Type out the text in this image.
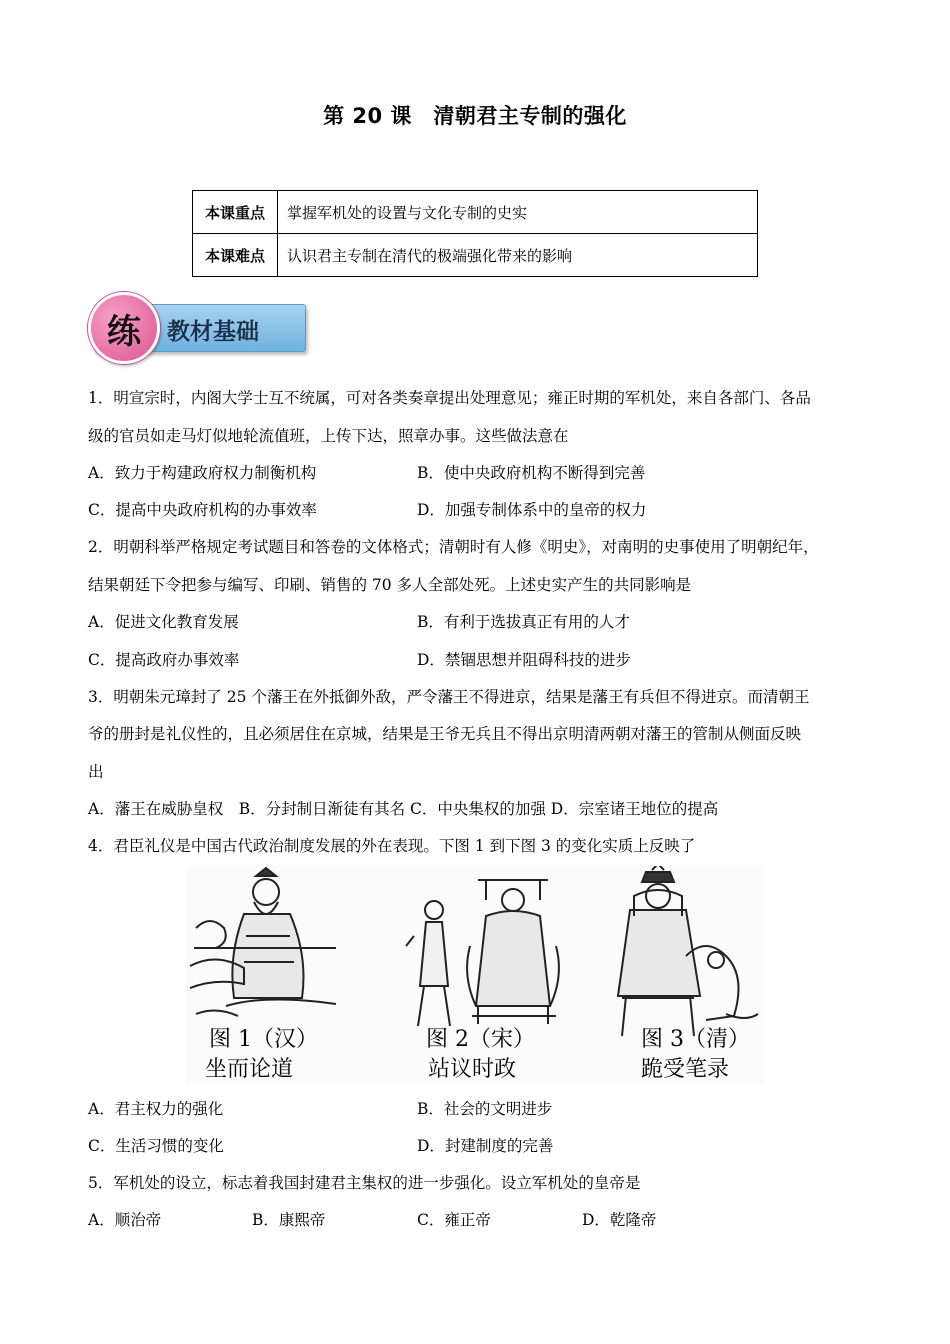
第 20 课　清朝君主专制的强化
本课重点	掌握军机处的设置与文化专制的史实
本课难点	认识君主专制在清代的极端强化带来的影响
教材基础
练
1．明宣宗时，内阁大学士互不统属，可对各类奏章提出处理意见；雍正时期的军机处，来自各部门、各品
级的官员如走马灯似地轮流值班，上传下达，照章办事。这些做法意在
A．致力于构建政府权力制衡机构	B．使中央政府机构不断得到完善
C．提高中央政府机构的办事效率	D．加强专制体系中的皇帝的权力
2．明朝科举严格规定考试题目和答卷的文体格式；清朝时有人修《明史》，对南明的史事使用了明朝纪年，
结果朝廷下令把参与编写、印刷、销售的 70 多人全部处死。上述史实产生的共同影响是
A．促进文化教育发展	B．有利于选拔真正有用的人才
C．提高政府办事效率	D．禁锢思想并阻碍科技的进步
3．明朝朱元璋封了 25 个藩王在外抵御外敌，严令藩王不得进京，结果是藩王有兵但不得进京。而清朝王
爷的册封是礼仪性的，且必须居住在京城，结果是王爷无兵且不得出京明清两朝对藩王的管制从侧面反映
出
A．藩王在威胁皇权　B．分封制日渐徒有其名 C．中央集权的加强 D．宗室诸王地位的提高
4．君臣礼仪是中国古代政治制度发展的外在表现。下图 1 到下图 3 的变化实质上反映了
图 1（汉）
坐而论道
图 2（宋）
站议时政
图 3（清）
跪受笔录
A．君主权力的强化	B．社会的文明进步
C．生活习惯的变化	D．封建制度的完善
5．军机处的设立，标志着我国封建君主集权的进一步强化。设立军机处的皇帝是
A．顺治帝	B．康熙帝	C．雍正帝	D．乾隆帝
